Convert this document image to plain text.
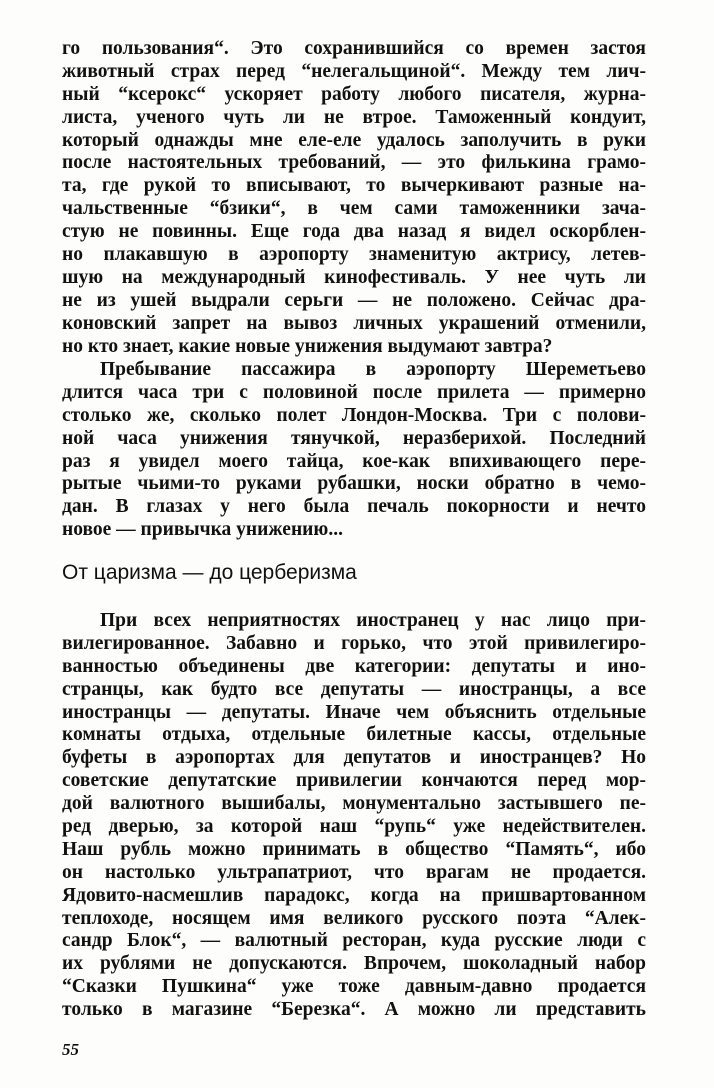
го пользования“. Это сохранившийся со времен застоя
животный страх перед “нелегальщиной“. Между тем лич-
ный “ксерокс“ ускоряет работу любого писателя, журна-
листа, ученого чуть ли не втрое. Таможенный кондуит,
который однажды мне еле-еле удалось заполучить в руки
после настоятельных требований, — это филькина грамо-
та, где рукой то вписывают, то вычеркивают разные на-
чальственные “бзики“, в чем сами таможенники зача-
стую не повинны. Еще года два назад я видел оскорблен-
но плакавшую в аэропорту знаменитую актрису, летев-
шую на международный кинофестиваль. У нее чуть ли
не из ушей выдрали серьги — не положено. Сейчас дра-
коновский запрет на вывоз личных украшений отменили,
но кто знает, какие новые унижения выдумают завтра?
Пребывание пассажира в аэропорту Шереметьево
длится часа три с половиной после прилета — примерно
столько же, сколько полет Лондон-Москва. Три с полови-
ной часа унижения тянучкой, неразберихой. Последний
раз я увидел моего тайца, кое-как впихивающего пере-
рытые чьими-то руками рубашки, носки обратно в чемо-
дан. В глазах у него была печаль покорности и нечто
новое — привычка унижению...
От царизма — до церберизма
При всех неприятностях иностранец у нас лицо при-
вилегированное. Забавно и горько, что этой привилегиро-
ванностью объединены две категории: депутаты и ино-
странцы, как будто все депутаты — иностранцы, а все
иностранцы — депутаты. Иначе чем объяснить отдельные
комнаты отдыха, отдельные билетные кассы, отдельные
буфеты в аэропортах для депутатов и иностранцев? Но
советские депутатские привилегии кончаются перед мор-
дой валютного вышибалы, монументально застывшего пе-
ред дверью, за которой наш “рупь“ уже недействителен.
Наш рубль можно принимать в общество “Память“, ибо
он настолько ультрапатриот, что врагам не продается.
Ядовито-насмешлив парадокс, когда на пришвартованном
теплоходе, носящем имя великого русского поэта “Алек-
сандр Блок“, — валютный ресторан, куда русские люди с
их рублями не допускаются. Впрочем, шоколадный набор
“Сказки Пушкина“ уже тоже давным-давно продается
только в магазине “Березка“. А можно ли представить
55
